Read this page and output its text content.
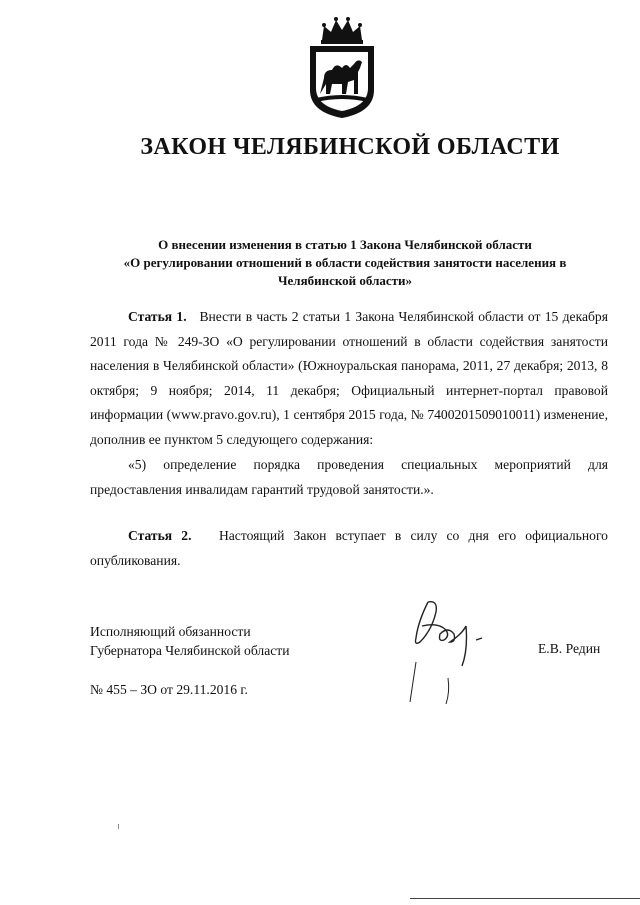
ЗАКОН ЧЕЛЯБИНСКОЙ ОБЛАСТИ
О внесении изменения в статью 1 Закона Челябинской области
«О регулировании отношений в области содействия занятости населения в
Челябинской области»
Статья 1. Внести в часть 2 статьи 1 Закона Челябинской области от 15 декабря 2011 года № 249-ЗО «О регулировании отношений в области содействия занятости населения в Челябинской области» (Южноуральская панорама, 2011, 27 декабря; 2013, 8 октября; 9 ноября; 2014, 11 декабря; Официальный интернет-портал правовой информации (www.pravo.gov.ru), 1 сентября 2015 года, № 7400201509010011) изменение, дополнив ее пунктом 5 следующего содержания:
«5) определение порядка проведения специальных мероприятий для предоставления инвалидам гарантий трудовой занятости.».
Статья 2. Настоящий Закон вступает в силу со дня его официального опубликования.
Исполняющий обязанности
Губернатора Челябинской области	Е.В. Редин
№ 455 – ЗО от 29.11.2016 г.
